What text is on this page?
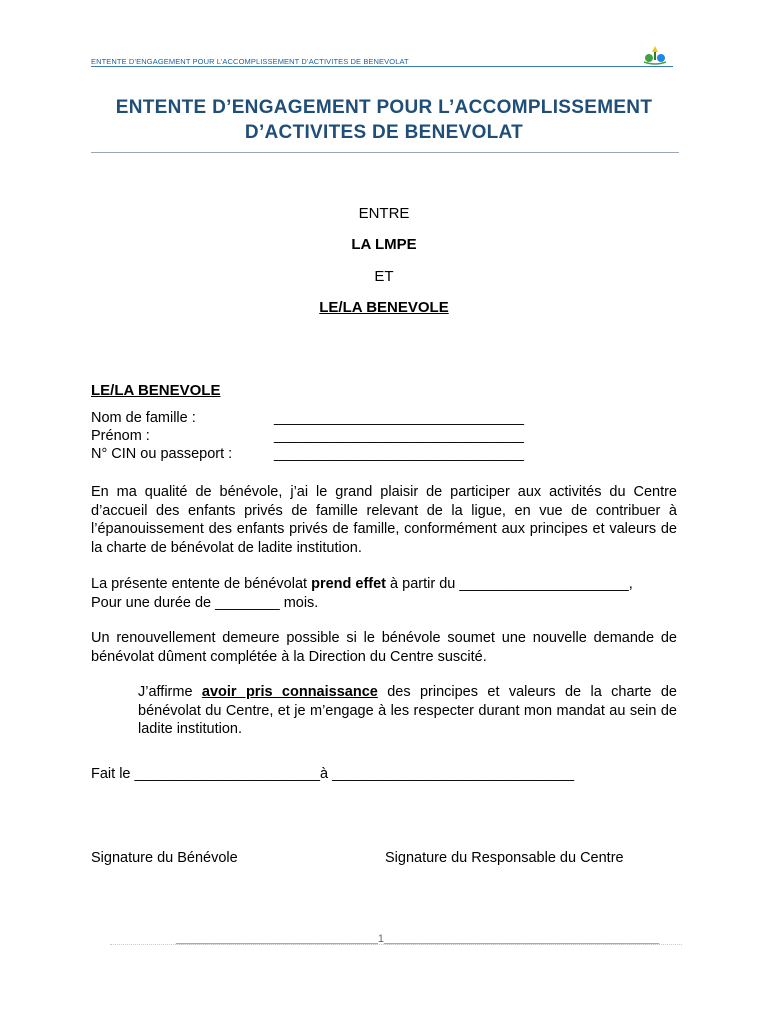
ENTENTE D’ENGAGEMENT POUR L’ACCOMPLISSEMENT D’ACTIVITES DE BENEVOLAT
ENTENTE D’ENGAGEMENT POUR L’ACCOMPLISSEMENT
D’ACTIVITES DE BENEVOLAT
ENTRE
LA LMPE
ET
LE/LA BENEVOLE
LE/LA BENEVOLE
Nom de famille :	_______________________________
Prénom :	_______________________________
N° CIN ou passeport :	_______________________________
En ma qualité de bénévole, j’ai le grand plaisir de participer aux activités du Centre d’accueil des enfants privés de famille relevant de la ligue, en vue de contribuer à l’épanouissement des enfants privés de famille, conformément aux principes et valeurs de la charte de bénévolat de ladite institution.
La présente entente de bénévolat prend effet à partir du _____________________,
Pour une durée de ________ mois.
Un renouvellement demeure possible si le bénévole soumet une nouvelle demande de bénévolat dûment complétée à la Direction du Centre suscité.
J’affirme avoir pris connaissance des principes et valeurs de la charte de bénévolat du Centre, et je m’engage à les respecter durant mon mandat au sein de ladite institution.
Fait le _______________________à ______________________________
Signature du Bénévole	Signature du Responsable du Centre
_________________________________1_____________________________________________
